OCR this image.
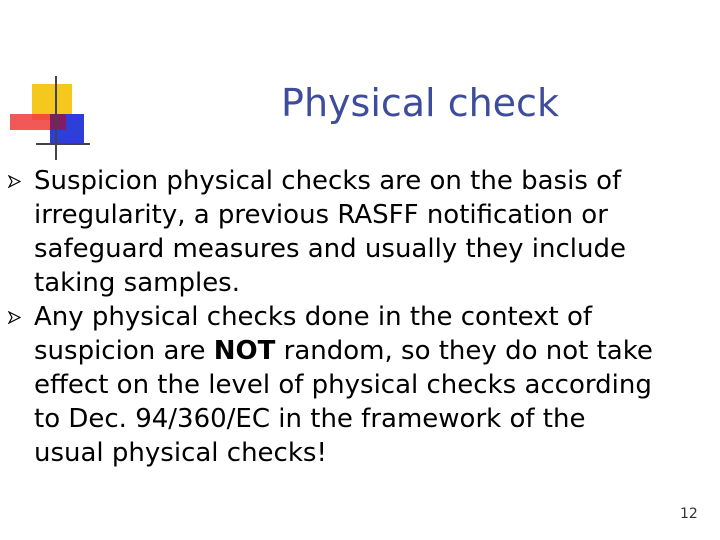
Physical check
Suspicion physical checks are on the basis of
irregularity, a previous RASFF notification or
safeguard measures and usually they include
taking samples.
Any physical checks done in the context of
suspicion are NOT random, so they do not take
effect on the level of physical checks according
to Dec. 94/360/EC in the framework of the
usual physical checks!
12
